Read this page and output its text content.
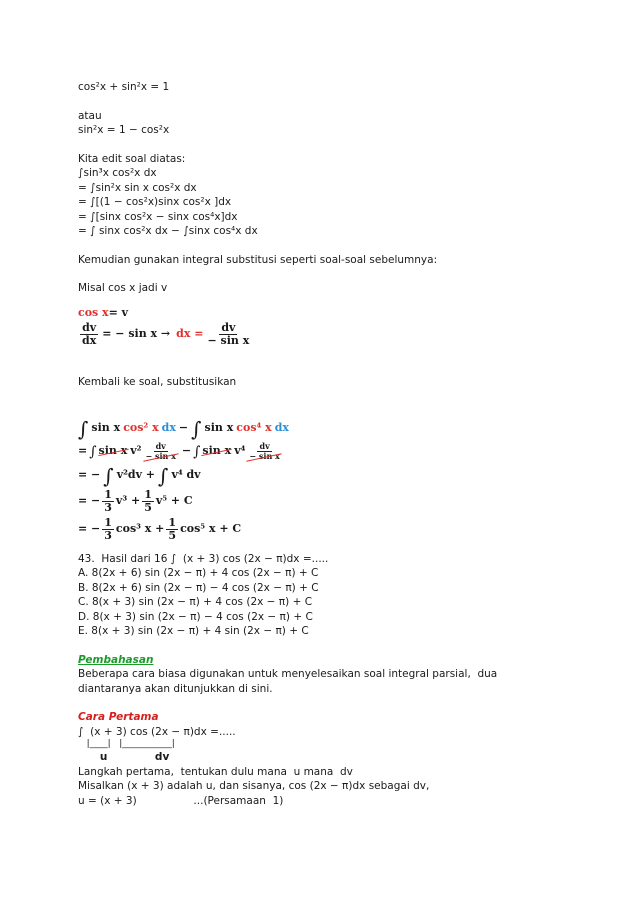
cos²x + sin²x = 1
atau
sin²x = 1 − cos²x
Kita edit soal diatas:
∫sin³x cos²x dx
= ∫sin²x sin x cos²x dx
= ∫[(1 − cos²x)sinx cos²x ]dx
= ∫[sinx cos²x − sinx cos⁴x]dx
= ∫ sinx cos²x dx − ∫sinx cos⁴x dx
Kemudian gunakan integral substitusi seperti soal-soal sebelumnya:
Misal cos x jadi v
cos x = v
$\frac{dv}{dx}$ = − sin x → dx = $\frac{dv}{\text{− sin x}}$
Kembali ke soal, substitusikan
∫ sin x cos² x dx − ∫ sin x cos⁴ x dx
= ∫ sin x $v^2 \frac{dv}{\text{− sin x}}$ − ∫ sin x $v^4 \frac{dv}{\text{− sin x}}$
= − ∫ v²dv + ∫ v⁴ dv
= − $\frac{1}{3} v^3 + \frac{1}{5} v^5 + C$
= − $\frac{1}{3} \cos^3$ $x + \frac{1}{5} \cos^5$ x + C
43.  Hasil dari 16 ∫  (x + 3) cos (2x − π)dx =.....
A. 8(2x + 6) sin (2x − π) + 4 cos (2x − π) + C
B. 8(2x + 6) sin (2x − π) − 4 cos (2x − π) + C
C. 8(x + 3) sin (2x − π) + 4 cos (2x − π) + C
D. 8(x + 3) sin (2x − π) − 4 cos (2x − π) + C
E. 8(x + 3) sin (2x − π) + 4 sin (2x − π) + C
Pembahasan
Beberapa cara biasa digunakan untuk menyelesaikan soal integral parsial,  dua
diantaranya akan ditunjukkan di sini.
Cara Pertama
∫  (x + 3) cos (2x − π)dx =.....
|____|   |___________|
u             dv
Langkah pertama,  tentukan dulu mana  u mana  dv
Misalkan (x + 3) adalah u, dan sisanya, cos (2x − π)dx sebagai dv,
u = (x + 3)                 ...(Persamaan  1)
